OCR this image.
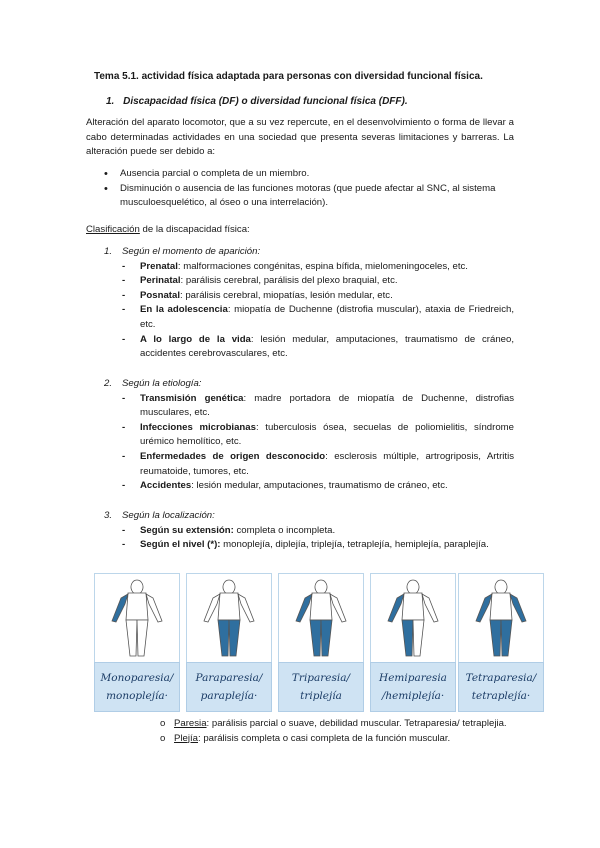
Tema 5.1. actividad física adaptada para personas con diversidad funcional física.
1. Discapacidad física (DF) o diversidad funcional física (DFF).
Alteración del aparato locomotor, que a su vez repercute, en el desenvolvimiento o forma de llevar a cabo determinadas actividades en una sociedad que presenta severas limitaciones y barreras. La alteración puede ser debido a:
• Ausencia parcial o completa de un miembro.
• Disminución o ausencia de las funciones motoras (que puede afectar al SNC, al sistema musculoesquelético, al óseo o una interrelación).
Clasificación de la discapacidad física:
1. Según el momento de aparición:
- Prenatal: malformaciones congénitas, espina bífida, mielomeningoceles, etc.
- Perinatal: parálisis cerebral, parálisis del plexo braquial, etc.
- Posnatal: parálisis cerebral, miopatías, lesión medular, etc.
- En la adolescencia: miopatía de Duchenne (distrofia muscular), ataxia de Friedreich, etc.
- A lo largo de la vida: lesión medular, amputaciones, traumatismo de cráneo, accidentes cerebrovasculares, etc.
2. Según la etiología:
- Transmisión genética: madre portadora de miopatía de Duchenne, distrofias musculares, etc.
- Infecciones microbianas: tuberculosis ósea, secuelas de poliomielitis, síndrome urémico hemolítico, etc.
- Enfermedades de origen desconocido: esclerosis múltiple, artrogriposis, Artritis reumatoide, tumores, etc.
- Accidentes: lesión medular, amputaciones, traumatismo de cráneo, etc.
3. Según la localización:
- Según su extensión: completa o incompleta.
- Según el nivel (*): monoplejía, diplejía, triplejía, tetraplejía, hemiplejía, paraplejía.
Monoparesia/
monoplejía·
Paraparesia/
paraplejía·
Triparesia/
triplejía
Hemiparesia
/hemiplejía·
Tetraparesia/
tetraplejía·
o Paresia: parálisis parcial o suave, debilidad muscular. Tetraparesia/ tetraplejia.
o Plejía: parálisis completa o casi completa de la función muscular.
